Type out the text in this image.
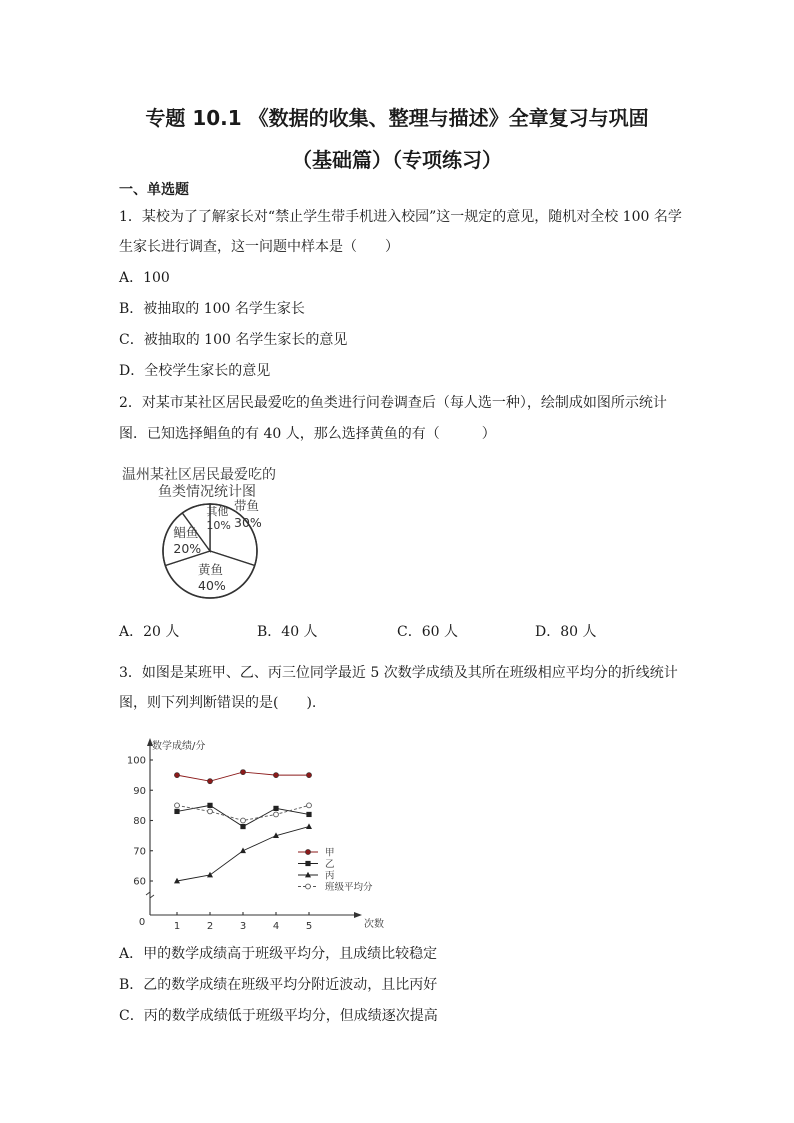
专题 10.1 《数据的收集、整理与描述》全章复习与巩固
（基础篇）（专项练习）
一、单选题
1．某校为了了解家长对“禁止学生带手机进入校园”这一规定的意见，随机对全校 100 名学
生家长进行调查，这一问题中样本是（　　）
A．100
B．被抽取的 100 名学生家长
C．被抽取的 100 名学生家长的意见
D．全校学生家长的意见
2．对某市某社区居民最爱吃的鱼类进行问卷调查后（每人选一种），绘制成如图所示统计
图．已知选择鲳鱼的有 40 人，那么选择黄鱼的有（　　　）
温州某社区居民最爱吃的
鱼类情况统计图
带鱼
30%
黄鱼
40%
鲳鱼
20%
其他
10%
A．20 人	B．40 人	C．60 人	D．80 人
3．如图是某班甲、乙、丙三位同学最近 5 次数学成绩及其所在班级相应平均分的折线统计
图，则下列判断错误的是(　　).
60
70
80
90
100
1	2	3	4	5
0
数学成绩/分
次数
甲
乙
丙
班级平均分
A．甲的数学成绩高于班级平均分，且成绩比较稳定
B．乙的数学成绩在班级平均分附近波动，且比丙好
C．丙的数学成绩低于班级平均分，但成绩逐次提高
